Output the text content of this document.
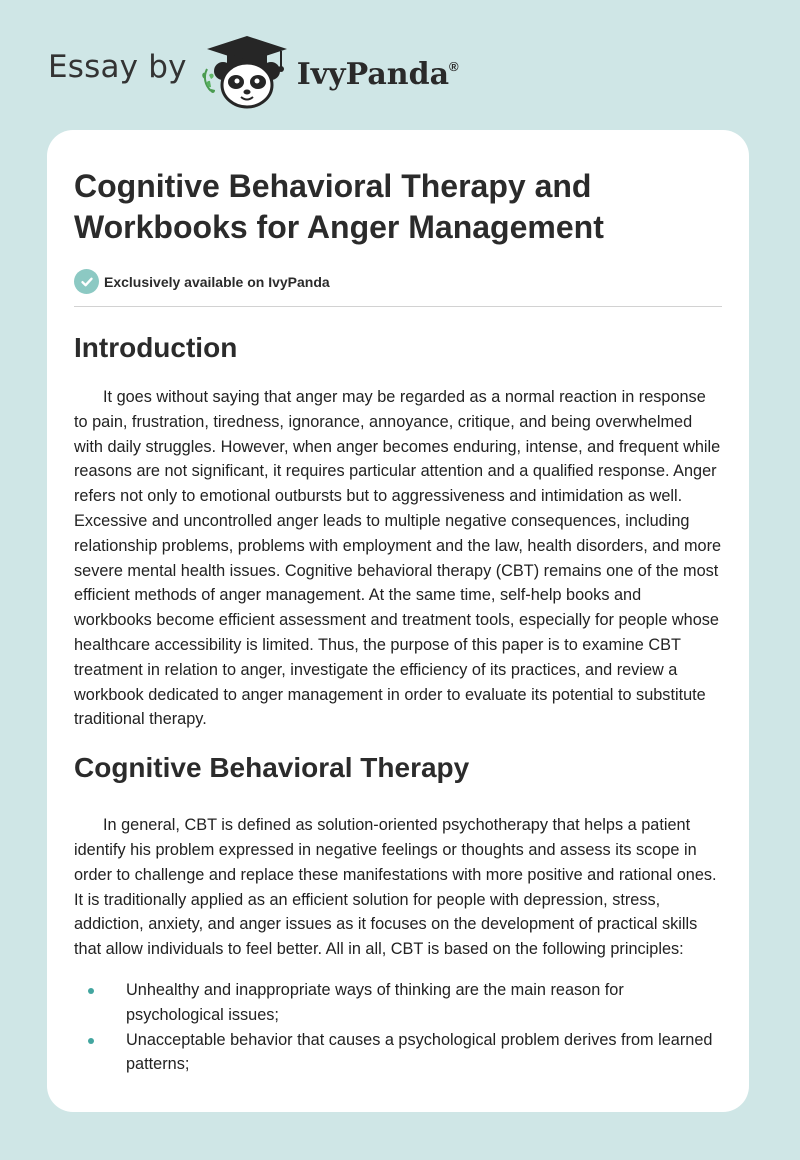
Essay by	IvyPanda®
Cognitive Behavioral Therapy and Workbooks for Anger Management
Exclusively available on IvyPanda
Introduction

It goes without saying that anger may be regarded as a normal reaction in response to pain, frustration, tiredness, ignorance, annoyance, critique, and being overwhelmed with daily struggles. However, when anger becomes enduring, intense, and frequent while reasons are not significant, it requires particular attention and a qualified response. Anger refers not only to emotional outbursts but to aggressiveness and intimidation as well. Excessive and uncontrolled anger leads to multiple negative consequences, including relationship problems, problems with employment and the law, health disorders, and more severe mental health issues. Cognitive behavioral therapy (CBT) remains one of the most efficient methods of anger management. At the same time, self-help books and workbooks become efficient assessment and treatment tools, especially for people whose healthcare accessibility is limited. Thus, the purpose of this paper is to examine CBT treatment in relation to anger, investigate the efficiency of its practices, and review a workbook dedicated to anger management in order to evaluate its potential to substitute traditional therapy.

Cognitive Behavioral Therapy

In general, CBT is defined as solution-oriented psychotherapy that helps a patient identify his problem expressed in negative feelings or thoughts and assess its scope in order to challenge and replace these manifestations with more positive and rational ones. It is traditionally applied as an efficient solution for people with depression, stress, addiction, anxiety, and anger issues as it focuses on the development of practical skills that allow individuals to feel better. All in all, CBT is based on the following principles:

Unhealthy and inappropriate ways of thinking are the main reason for psychological issues;
Unacceptable behavior that causes a psychological problem derives from learned patterns;
